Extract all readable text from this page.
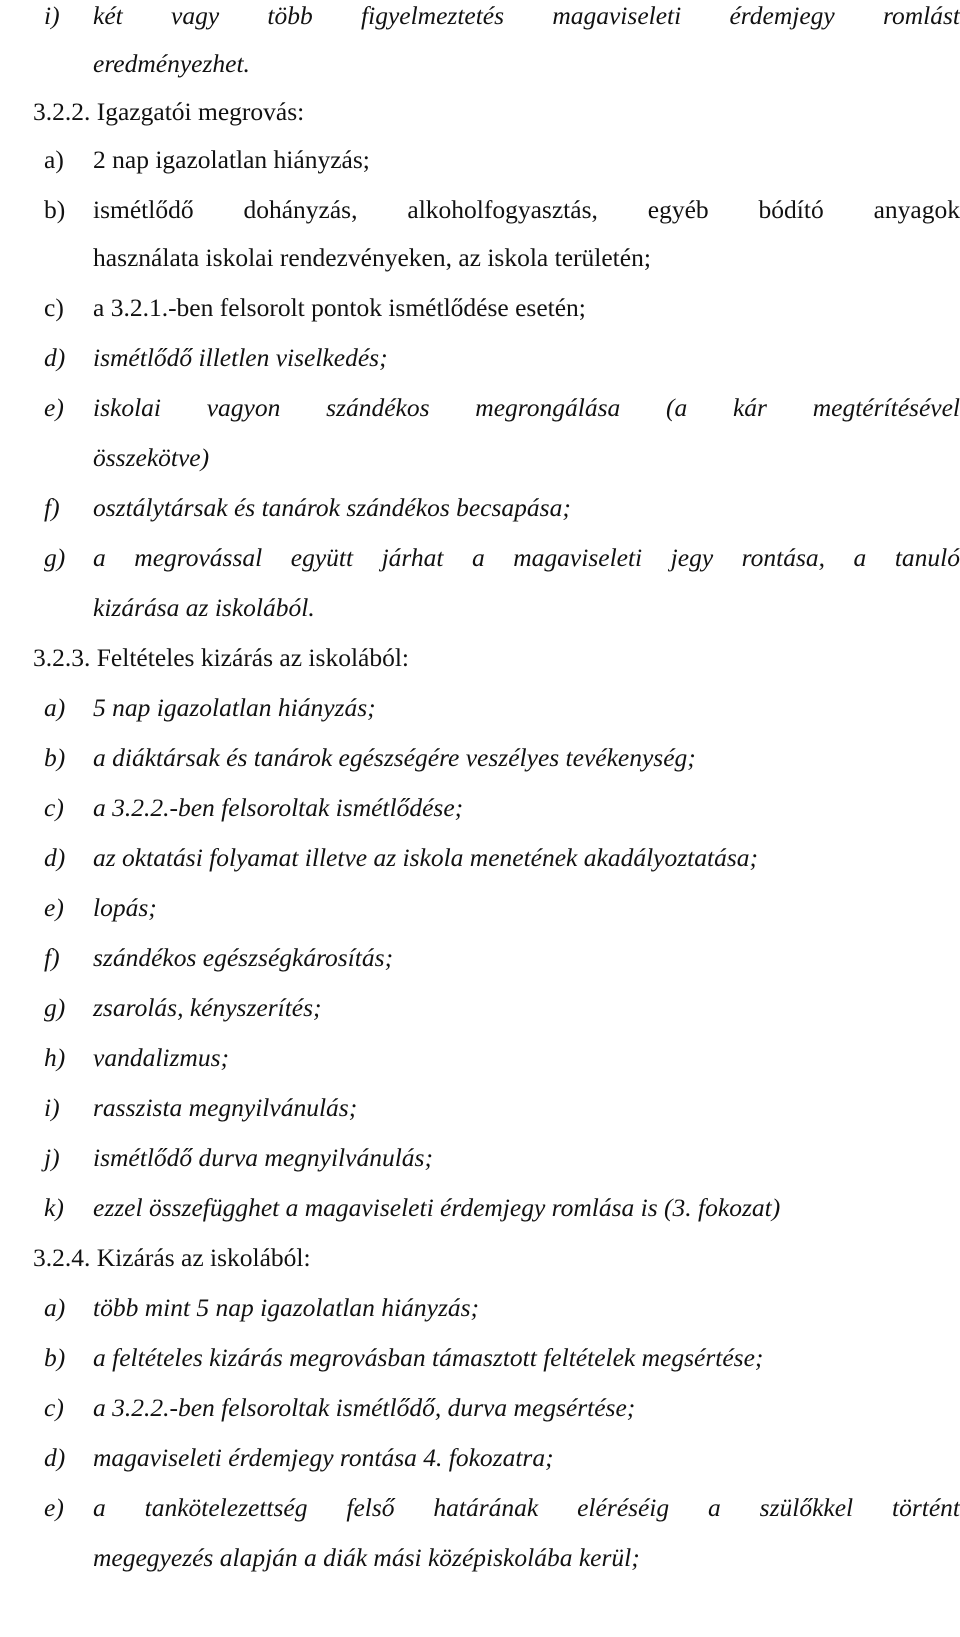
i) két vagy több figyelmeztetés magaviseleti érdemjegy romlást
eredményezhet.
3.2.2. Igazgatói megrovás:
a) 2 nap igazolatlan hiányzás;
b) ismétlődő dohányzás, alkoholfogyasztás, egyéb bódító anyagok
használata iskolai rendezvényeken, az iskola területén;
c) a 3.2.1.-ben felsorolt pontok ismétlődése esetén;
d) ismétlődő illetlen viselkedés;
e) iskolai vagyon szándékos megrongálása (a kár megtérítésével
összekötve)
f) osztálytársak és tanárok szándékos becsapása;
g) a megrovással együtt járhat a magaviseleti jegy rontása, a tanuló
kizárása az iskolából.
3.2.3. Feltételes kizárás az iskolából:
a) 5 nap igazolatlan hiányzás;
b) a diáktársak és tanárok egészségére veszélyes tevékenység;
c) a 3.2.2.-ben felsoroltak ismétlődése;
d) az oktatási folyamat illetve az iskola menetének akadályoztatása;
e) lopás;
f) szándékos egészségkárosítás;
g) zsarolás, kényszerítés;
h) vandalizmus;
i) rasszista megnyilvánulás;
j) ismétlődő durva megnyilvánulás;
k) ezzel összefügghet a magaviseleti érdemjegy romlása is (3. fokozat)
3.2.4. Kizárás az iskolából:
a) több mint 5 nap igazolatlan hiányzás;
b) a feltételes kizárás megrovásban támasztott feltételek megsértése;
c) a 3.2.2.-ben felsoroltak ismétlődő, durva megsértése;
d) magaviseleti érdemjegy rontása 4. fokozatra;
e) a tankötelezettség felső határának eléréséig a szülőkkel történt
megegyezés alapján a diák mási középiskolába kerül;
